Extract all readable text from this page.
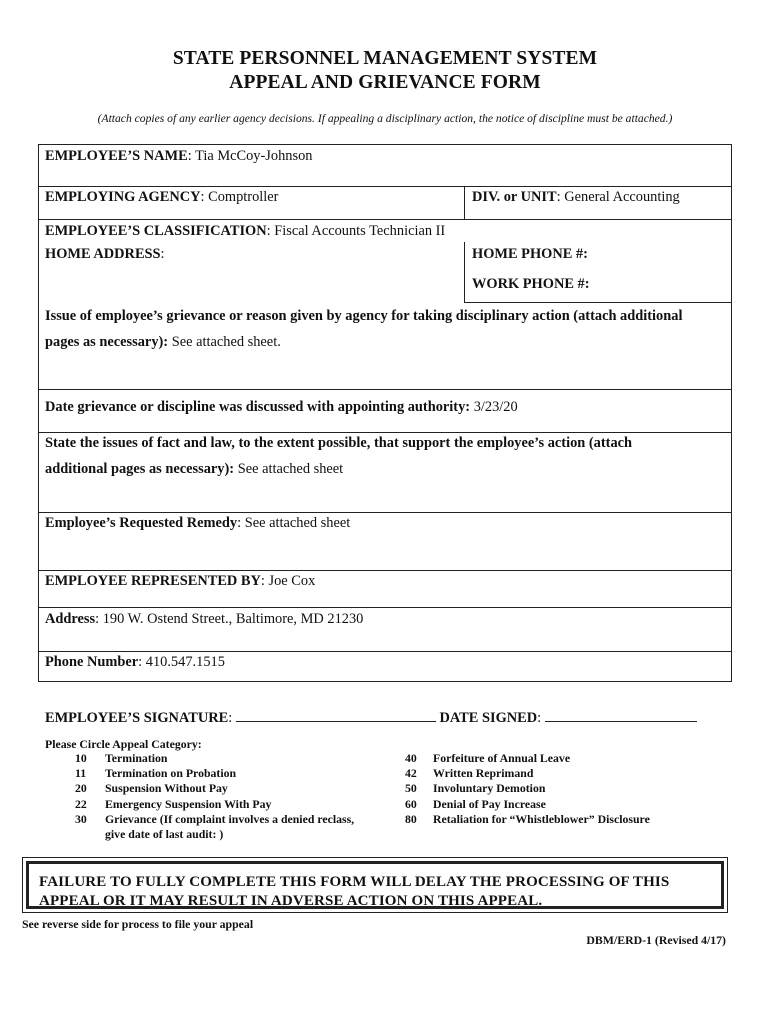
STATE PERSONNEL MANAGEMENT SYSTEM
APPEAL AND GRIEVANCE FORM
(Attach copies of any earlier agency decisions. If appealing a disciplinary action, the notice of discipline must be attached.)
EMPLOYEE’S NAME: Tia McCoy-Johnson
EMPLOYING AGENCY: Comptroller	DIV. or UNIT: General Accounting
EMPLOYEE’S CLASSIFICATION: Fiscal Accounts Technician II
HOME ADDRESS:	HOME PHONE #:
WORK PHONE #:
Issue of employee’s grievance or reason given by agency for taking disciplinary action (attach additional
pages as necessary): See attached sheet.
Date grievance or discipline was discussed with appointing authority: 3/23/20
State the issues of fact and law, to the extent possible, that support the employee’s action (attach
additional pages as necessary): See attached sheet
Employee’s Requested Remedy: See attached sheet
EMPLOYEE REPRESENTED BY: Joe Cox
Address: 190 W. Ostend Street., Baltimore, MD 21230
Phone Number: 410.547.1515
EMPLOYEE’S SIGNATURE:	DATE SIGNED:
Please Circle Appeal Category:
10	Termination
11	Termination on Probation
20	Suspension Without Pay
22	Emergency Suspension With Pay
30	Grievance (If complaint involves a denied reclass,
give date of last audit: )
40	Forfeiture of Annual Leave
42	Written Reprimand
50	Involuntary Demotion
60	Denial of Pay Increase
80	Retaliation for “Whistleblower” Disclosure
FAILURE TO FULLY COMPLETE THIS FORM WILL DELAY THE PROCESSING OF THIS
APPEAL OR IT MAY RESULT IN ADVERSE ACTION ON THIS APPEAL.
See reverse side for process to file your appeal
DBM/ERD-1 (Revised 4/17)
